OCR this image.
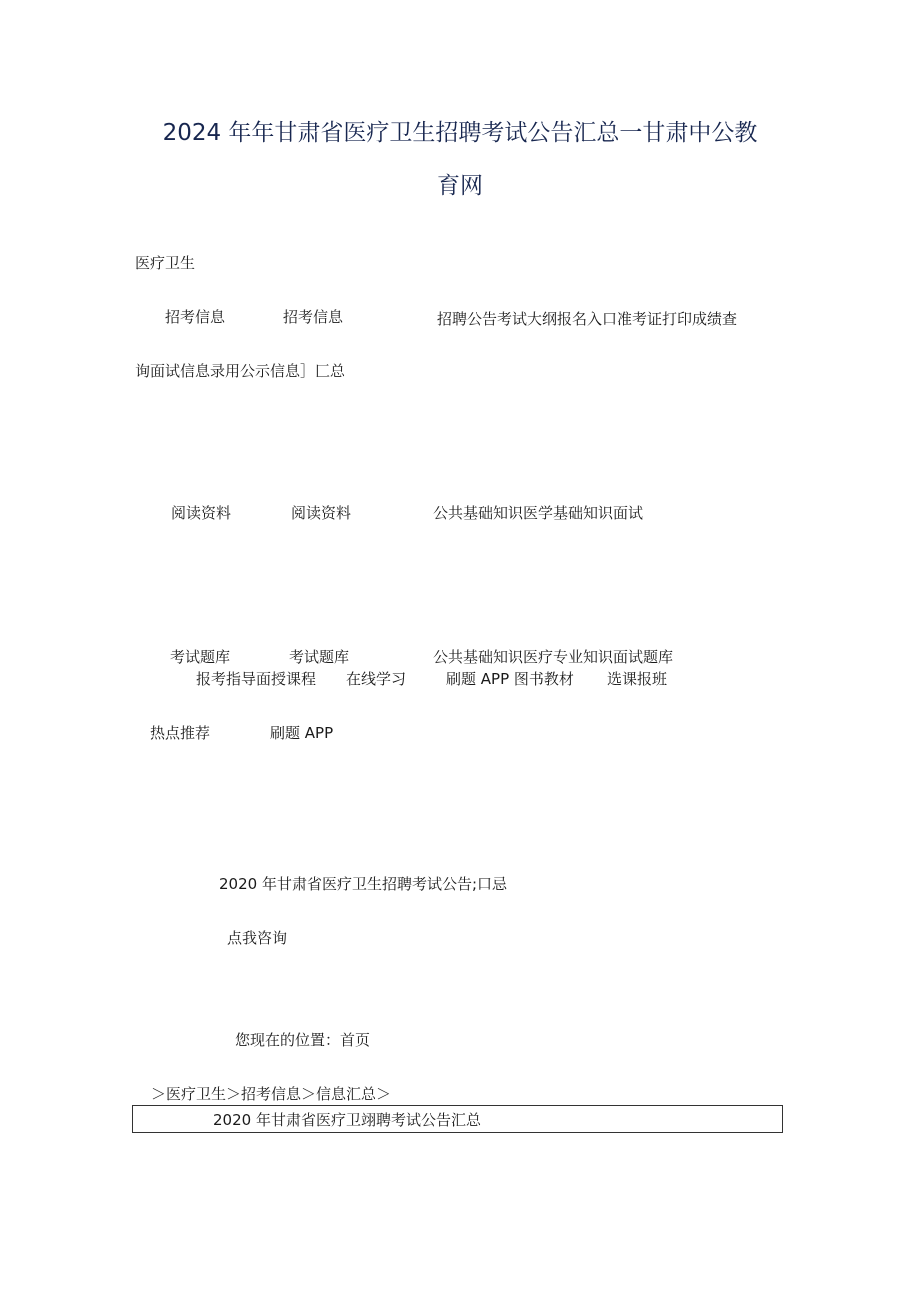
2024 年年甘肃省医疗卫生招聘考试公告汇总一甘肃中公教
育网
医疗卫生
招考信息	招考信息	招聘公告考试大纲报名入口准考证打印成绩查
询面试信息录用公示信息］匚总
阅读资料	阅读资料	公共基础知识医学基础知识面试
考试题库	考试题库	公共基础知识医疗专业知识面试题库
报考指导面授课程 在线学习	刷题 APP 图书教材 选课报班
热点推荐	刷题 APP
2020 年甘肃省医疗卫生招聘考试公告;口忌
点我咨询
您现在的位置：首页
＞医疗卫生＞招考信息＞信息汇总＞
2020 年甘肃省医疗卫翊聘考试公告汇总
